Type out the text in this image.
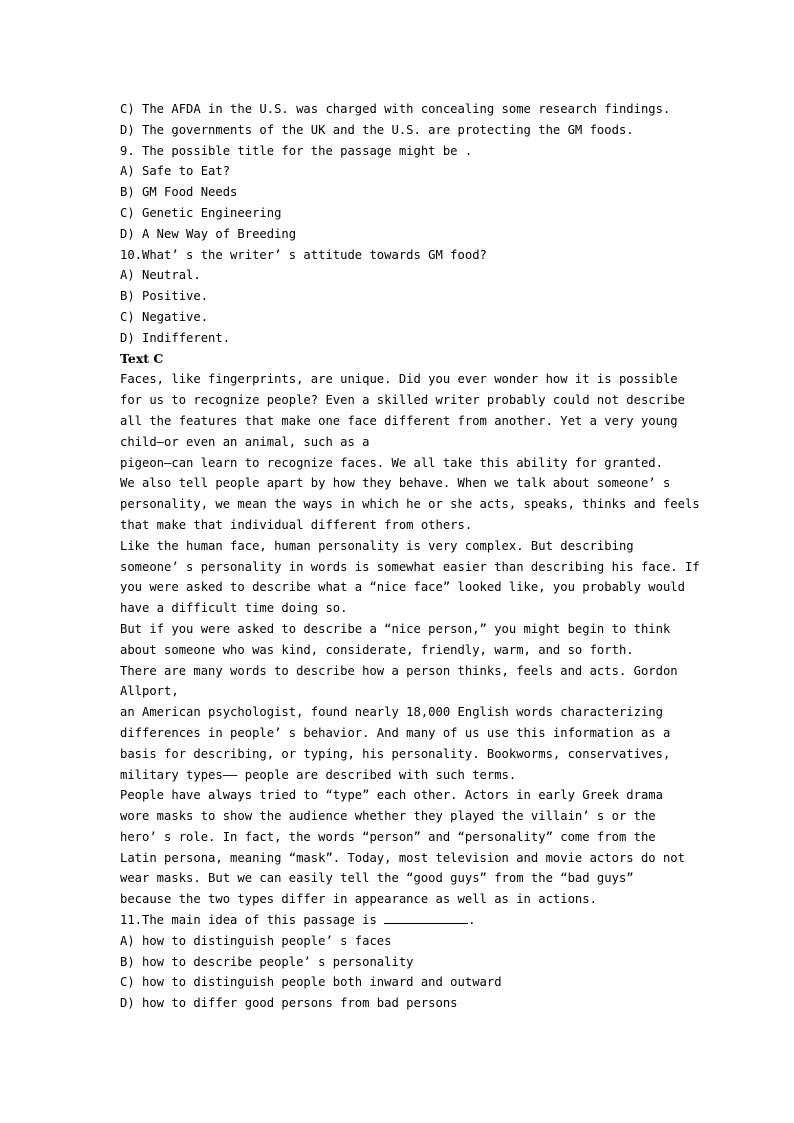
C) The AFDA in the U.S. was charged with concealing some research findings.
D) The governments of the UK and the U.S. are protecting the GM foods.
9. The possible title for the passage might be .
A) Safe to Eat?
B) GM Food Needs
C) Genetic Engineering
D) A New Way of Breeding
10.What’ s the writer’ s attitude towards GM food?
A) Neutral.
B) Positive.
C) Negative.
D) Indifferent.
Text C
Faces, like fingerprints, are unique. Did you ever wonder how it is possible
for us to recognize people? Even a skilled writer probably could not describe
all the features that make one face different from another. Yet a very young
child—or even an animal, such as a
pigeon—can learn to recognize faces. We all take this ability for granted.
We also tell people apart by how they behave. When we talk about someone’ s
personality, we mean the ways in which he or she acts, speaks, thinks and feels
that make that individual different from others.
Like the human face, human personality is very complex. But describing
someone’ s personality in words is somewhat easier than describing his face. If
you were asked to describe what a “nice face” looked like, you probably would
have a difficult time doing so.
But if you were asked to describe a “nice person,” you might begin to think
about someone who was kind, considerate, friendly, warm, and so forth.
There are many words to describe how a person thinks, feels and acts. Gordon
Allport,
an American psychologist, found nearly 18,000 English words characterizing
differences in people’ s behavior. And many of us use this information as a
basis for describing, or typing, his personality. Bookworms, conservatives,
military types—— people are described with such terms.
People have always tried to “type” each other. Actors in early Greek drama
wore masks to show the audience whether they played the villain’ s or the
hero’ s role. In fact, the words “person” and “personality” come from the
Latin persona, meaning “mask”. Today, most television and movie actors do not
wear masks. But we can easily tell the “good guys” from the “bad guys”
because the two types differ in appearance as well as in actions.
11.The main idea of this passage is	.
A) how to distinguish people’ s faces
B) how to describe people’ s personality
C) how to distinguish people both inward and outward
D) how to differ good persons from bad persons
